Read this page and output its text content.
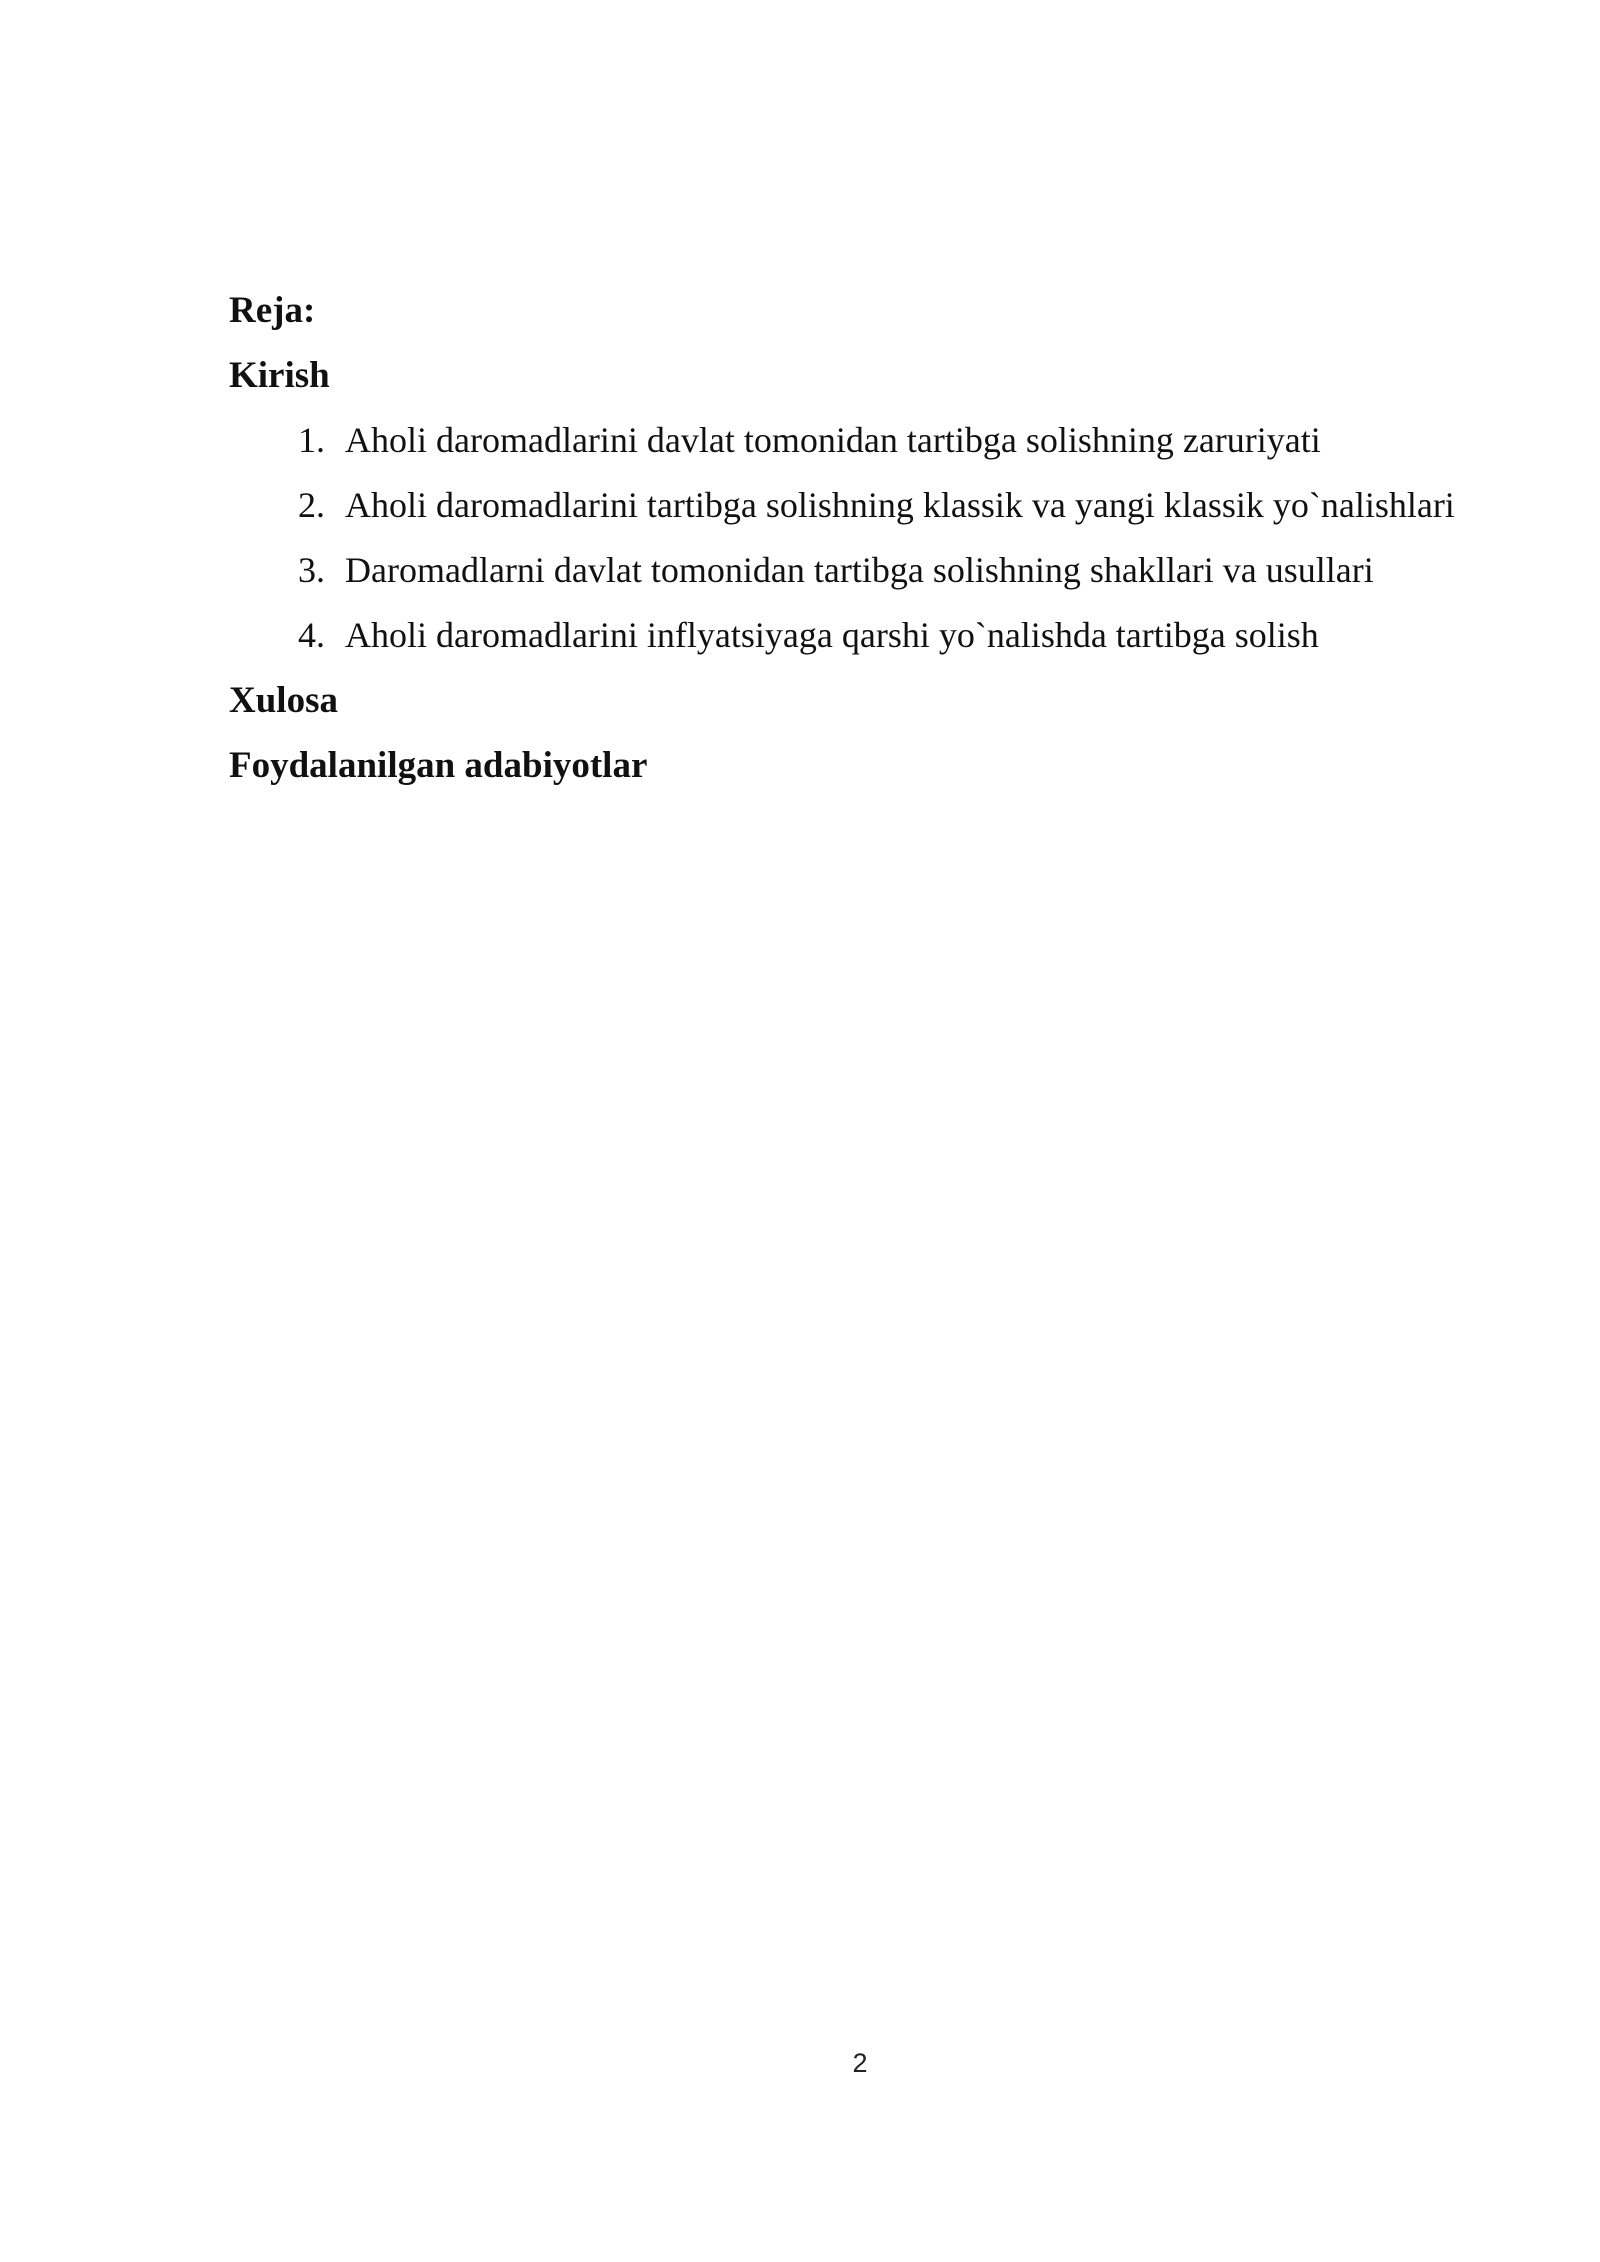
Reja:

Kirish

1. Aholi daromadlarini davlat tomonidan tartibga solishning zaruriyati
2. Aholi daromadlarini tartibga solishning klassik va yangi klassik yo`nalishlari
3. Daromadlarni davlat tomonidan tartibga solishning shakllari va usullari
4. Aholi daromadlarini inflyatsiyaga qarshi yo`nalishda tartibga solish

Xulosa

Foydalanilgan adabiyotlar

2
